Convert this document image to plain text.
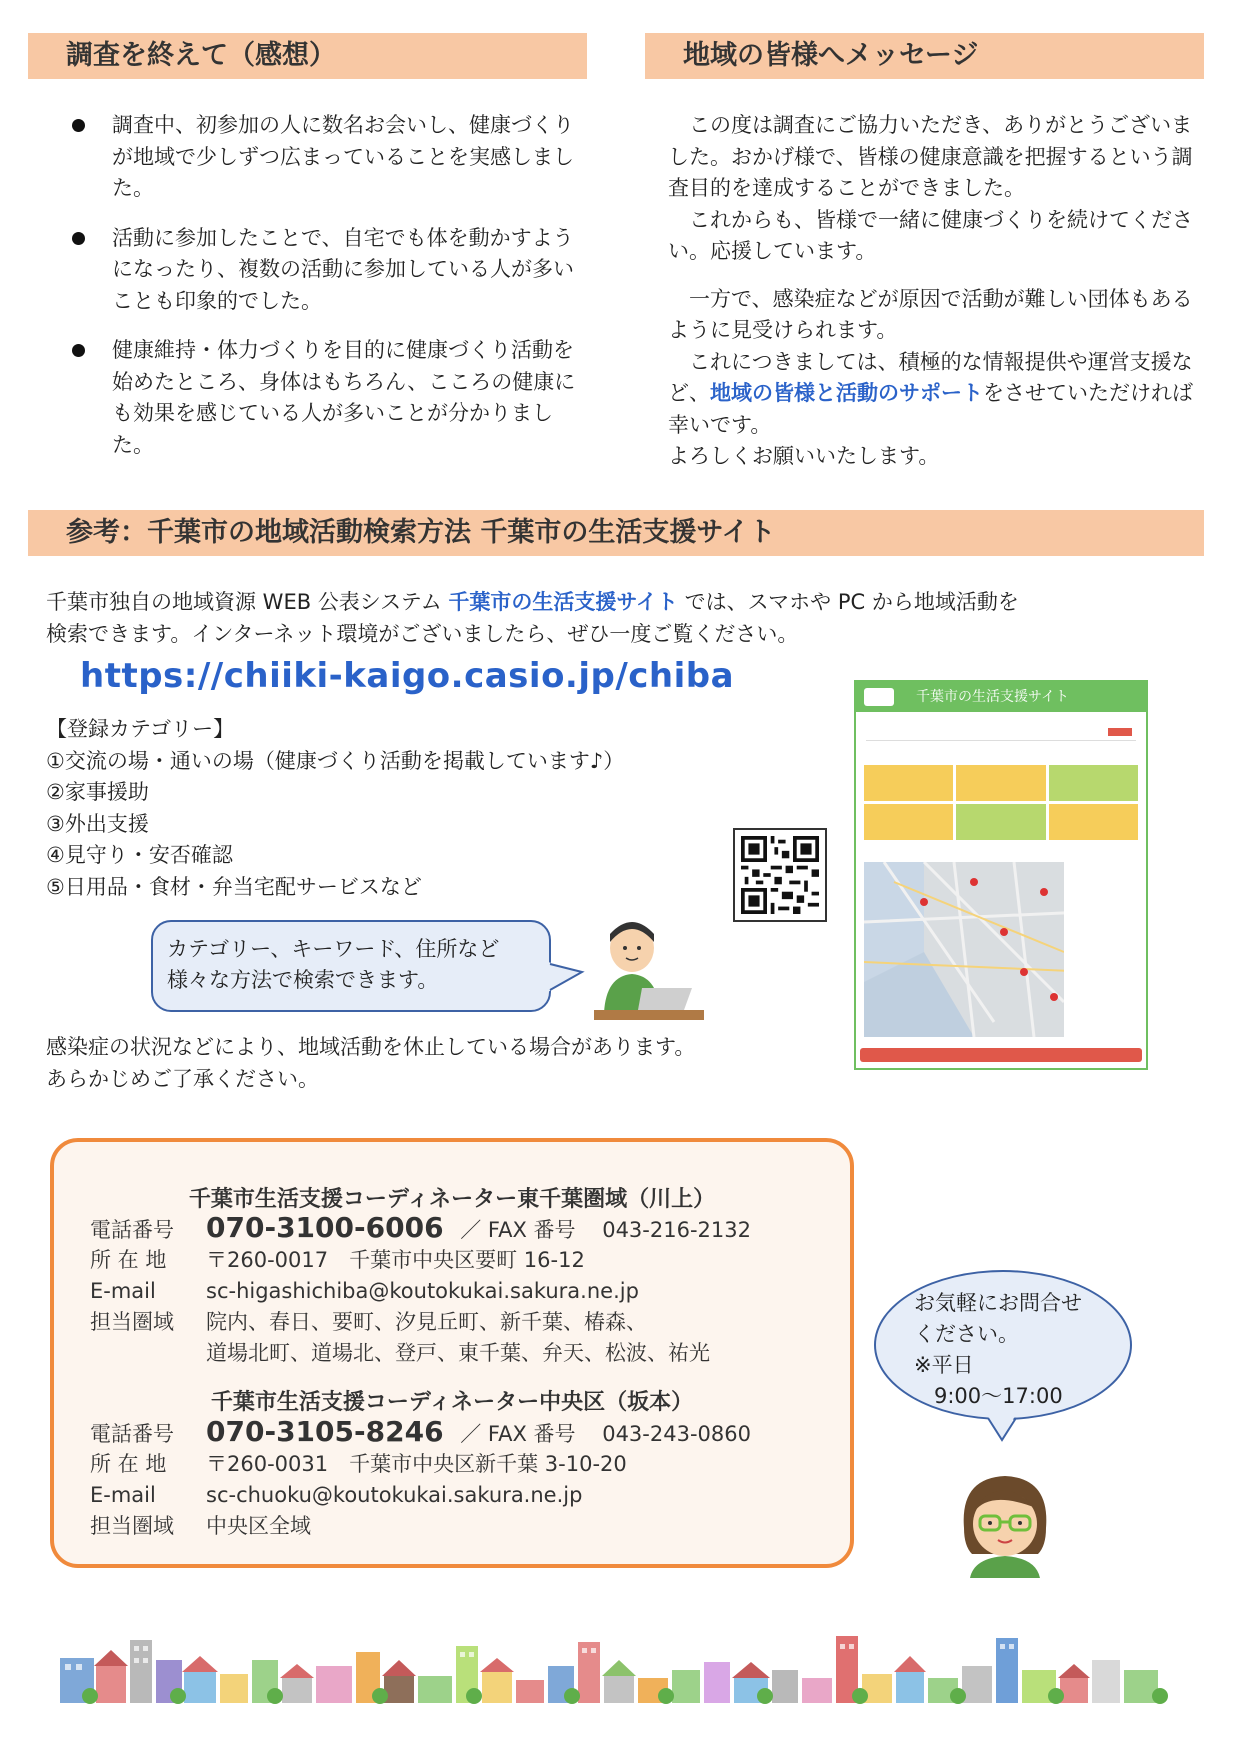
調査を終えて（感想）
調査中、初参加の人に数名お会いし、健康づくりが地域で少しずつ広まっていることを実感しました。
活動に参加したことで、自宅でも体を動かすようになったり、複数の活動に参加している人が多いことも印象的でした。
健康維持・体力づくりを目的に健康づくり活動を始めたところ、身体はもちろん、こころの健康にも効果を感じている人が多いことが分かりました。
地域の皆様へメッセージ

この度は調査にご協力いただき、ありがとうございました。おかげ様で、皆様の健康意識を把握するという調査目的を達成することができました。

これからも、皆様で一緒に健康づくりを続けてください。応援しています。

一方で、感染症などが原因で活動が難しい団体もあるように見受けられます。

これにつきましては、積極的な情報提供や運営支援など、地域の皆様と活動のサポートをさせていただければ幸いです。

よろしくお願いいたします。

参考：千葉市の地域活動検索方法 千葉市の生活支援サイト

千葉市独自の地域資源 WEB 公表システム 千葉市の生活支援サイト では、スマホや PC から地域活動を

検索できます。インターネット環境がございましたら、ぜひ一度ご覧ください。

https://chiiki-kaigo.casio.jp/chiba
【登録カテゴリー】
①交流の場・通いの場（健康づくり活動を掲載しています♪）
②家事援助
③外出支援
④見守り・安否確認
⑤日用品・食材・弁当宅配サービスなど
千葉市の生活支援サイト
カテゴリー、キーワード、住所など
様々な方法で検索できます。

感染症の状況などにより、地域活動を休止している場合があります。

あらかじめご了承ください。

千葉市生活支援コーディネーター東千葉圏域（川上）
電話番号 070-3100-6006 ／ FAX 番号 043-216-2132
所 在 地 〒260-0017　千葉市中央区要町 16-12
E-mail sc-higashichiba@koutokukai.sakura.ne.jp
担当圏域 院内、春日、要町、汐見丘町、新千葉、椿森、
道場北町、道場北、登戸、東千葉、弁天、松波、祐光
千葉市生活支援コーディネーター中央区（坂本）
電話番号 070-3105-8246 ／ FAX 番号 043-243-0860
所 在 地 〒260-0031　千葉市中央区新千葉 3-10-20
E-mail sc-chuoku@koutokukai.sakura.ne.jp
担当圏域 中央区全域
お気軽にお問合せ
ください。
※平日
9:00～17:00
